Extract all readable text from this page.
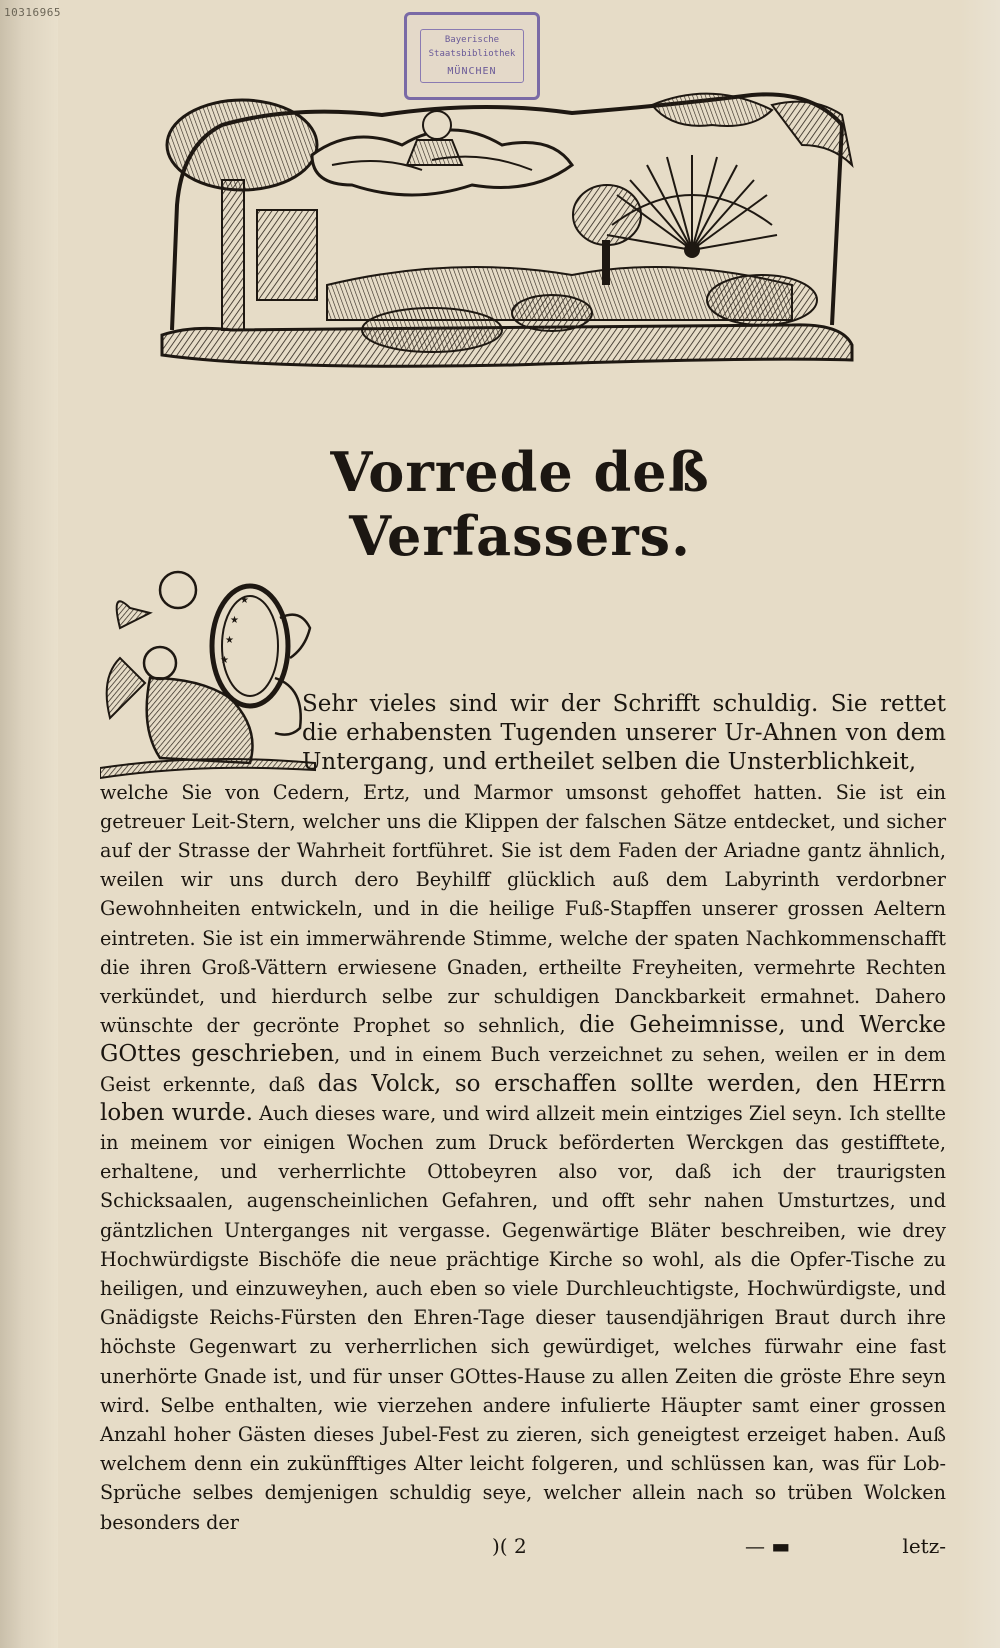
10316965
Bayerische
Staatsbibliothek
MÜNCHEN
Vorrede deß Verfassers.
★
★
★
★
Sehr vieles sind wir der Schrifft schuldig. Sie rettet die erhabensten Tugenden unserer Ur-Ahnen von dem Untergang, und ertheilet selben die Unsterblichkeit,
welche Sie von Cedern, Ertz, und Marmor umsonst gehoffet hatten. Sie ist ein getreuer Leit-Stern, welcher uns die Klippen der falschen Sätze entdecket, und sicher auf der Strasse der Wahrheit fortführet. Sie ist dem Faden der Ariadne gantz ähnlich, weilen wir uns durch dero Beyhilff glücklich auß dem Labyrinth verdorbner Gewohnheiten entwickeln, und in die heilige Fuß-Stapffen unserer grossen Aeltern eintreten. Sie ist ein immerwährende Stimme, welche der spaten Nachkommenschafft die ihren Groß-Vättern erwiesene Gnaden, ertheilte Freyheiten, vermehrte Rechten verkündet, und hierdurch selbe zur schuldigen Danckbarkeit ermahnet. Dahero wünschte der gecrönte Prophet so sehnlich, die Geheimnisse, und Wercke GOttes geschrieben, und in einem Buch verzeichnet zu sehen, weilen er in dem Geist erkennte, daß das Volck, so erschaffen sollte werden, den HErrn loben wurde. Auch dieses ware, und wird allzeit mein eintziges Ziel seyn. Ich stellte in meinem vor einigen Wochen zum Druck beförderten Werckgen das gestifftete, erhaltene, und verherrlichte Ottobeyren also vor, daß ich der traurigsten Schicksaalen, augenscheinlichen Gefahren, und offt sehr nahen Umsturtzes, und gäntzlichen Unterganges nit vergasse. Gegenwärtige Bläter beschreiben, wie drey Hochwürdigste Bischöfe die neue prächtige Kirche so wohl, als die Opfer-Tische zu heiligen, und einzuweyhen, auch eben so viele Durchleuchtigste, Hochwürdigste, und Gnädigste Reichs-Fürsten den Ehren-Tage dieser tausendjährigen Braut durch ihre höchste Gegenwart zu verherrlichen sich gewürdiget, welches fürwahr eine fast unerhörte Gnade ist, und für unser GOttes-Hause zu allen Zeiten die gröste Ehre seyn wird. Selbe enthalten, wie vierzehen andere infulierte Häupter samt einer grossen Anzahl hoher Gästen dieses Jubel-Fest zu zieren, sich geneigtest erzeiget haben. Auß welchem denn ein zukünfftiges Alter leicht folgeren, und schlüssen kan, was für Lob-Sprüche selbes demjenigen schuldig seye, welcher allein nach so trüben Wolcken besonders der
)( 2	— ▬	letz-
